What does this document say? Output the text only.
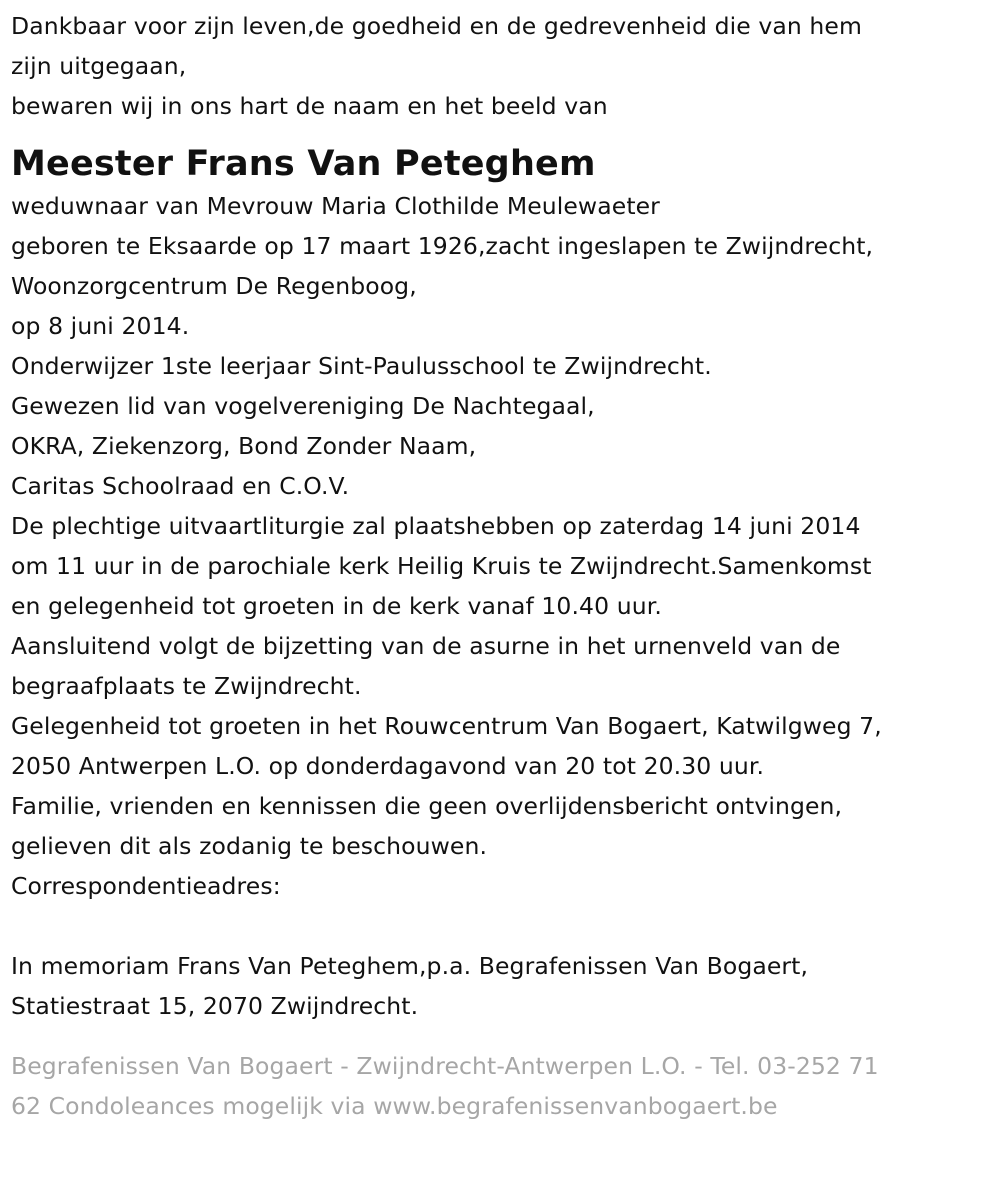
Dankbaar voor zijn leven,de goedheid en de gedrevenheid die van hem
zijn uitgegaan,
bewaren wij in ons hart de naam en het beeld van
Meester Frans Van Peteghem
weduwnaar van Mevrouw Maria Clothilde Meulewaeter
geboren te Eksaarde op 17 maart 1926,zacht ingeslapen te Zwijndrecht,
Woonzorgcentrum De Regenboog,
op 8 juni 2014.
Onderwijzer 1ste leerjaar Sint-Paulusschool te Zwijndrecht.
Gewezen lid van vogelvereniging De Nachtegaal,
OKRA, Ziekenzorg, Bond Zonder Naam,
Caritas Schoolraad en C.O.V.
De plechtige uitvaartliturgie zal plaatshebben op zaterdag 14 juni 2014
om 11 uur in de parochiale kerk Heilig Kruis te Zwijndrecht.Samenkomst
en gelegenheid tot groeten in de kerk vanaf 10.40 uur.
Aansluitend volgt de bijzetting van de asurne in het urnenveld van de
begraafplaats te Zwijndrecht.
Gelegenheid tot groeten in het Rouwcentrum Van Bogaert, Katwilgweg 7,
2050 Antwerpen L.O. op donderdagavond van 20 tot 20.30 uur.
Familie, vrienden en kennissen die geen overlijdensbericht ontvingen,
gelieven dit als zodanig te beschouwen.
Correspondentieadres:
In memoriam Frans Van Peteghem,p.a. Begrafenissen Van Bogaert,
Statiestraat 15, 2070 Zwijndrecht.
Begrafenissen Van Bogaert - Zwijndrecht-Antwerpen L.O. - Tel. 03-252 71
62 Condoleances mogelijk via www.begrafenissenvanbogaert.be
